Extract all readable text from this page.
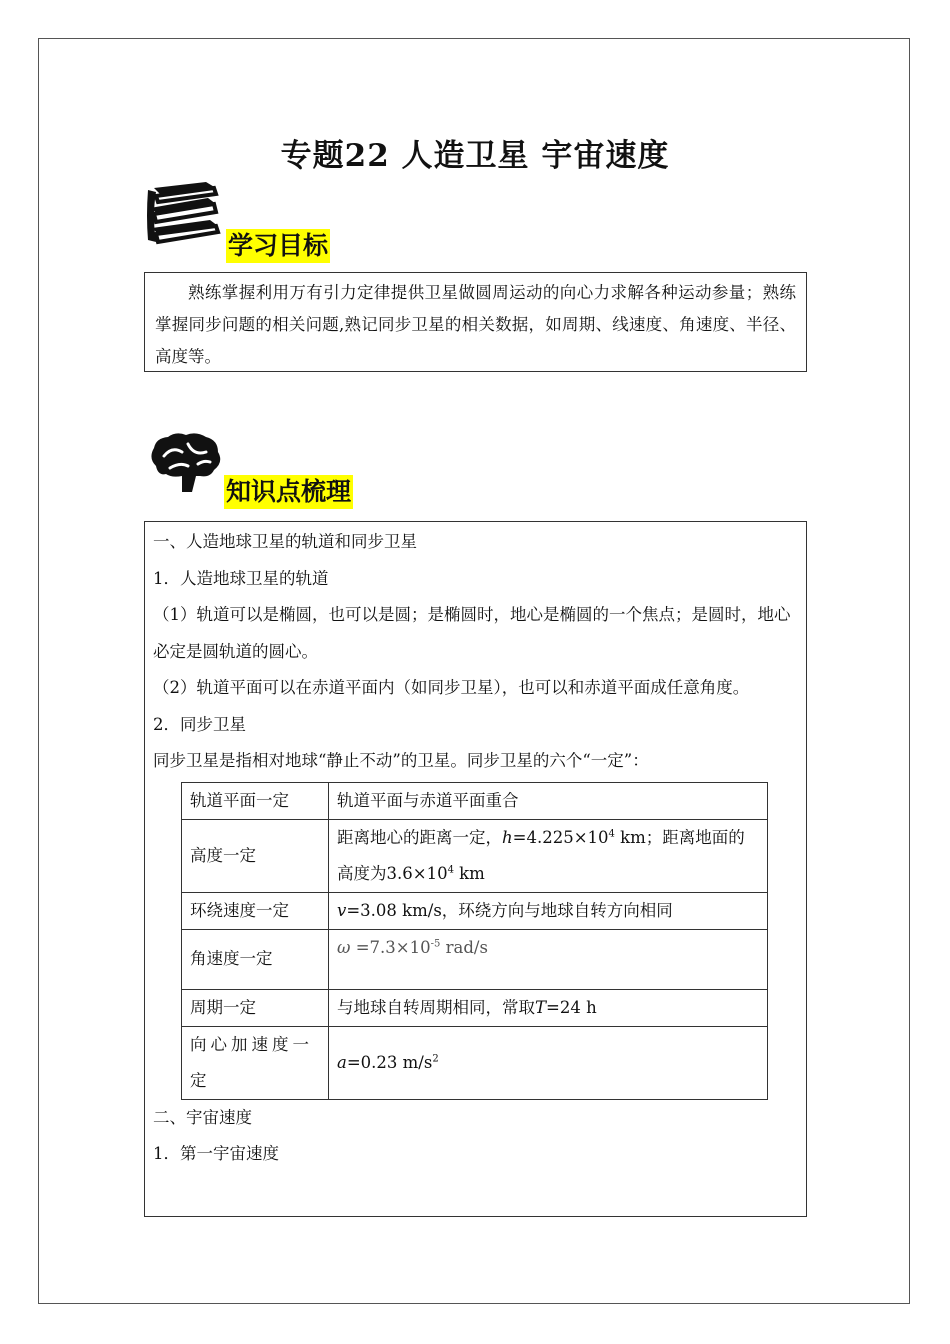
专题22 人造卫星 宇宙速度
学习目标
熟练掌握利用万有引力定律提供卫星做圆周运动的向心力求解各种运动参量；熟练掌握同步问题的相关问题,熟记同步卫星的相关数据，如周期、线速度、角速度、半径、高度等。
知识点梳理

一、人造地球卫星的轨道和同步卫星

1．人造地球卫星的轨道

（1）轨道可以是椭圆，也可以是圆；是椭圆时，地心是椭圆的一个焦点；是圆时，地心必定是圆轨道的圆心。

（2）轨道平面可以在赤道平面内（如同步卫星），也可以和赤道平面成任意角度。

2．同步卫星

同步卫星是指相对地球“静止不动”的卫星。同步卫星的六个“一定”：

轨道平面一定	轨道平面与赤道平面重合
高度一定	距离地心的距离一定，$h=4.225\times 10^4$ km；距离地面的高度为$3.6\times 10^4$ km
环绕速度一定	v=3.08 km/s，环绕方向与地球自转方向相同
角速度一定	$\omega =7.3\times 10^{-5}$ rad/s
周期一定	与地球自转周期相同，常取T=24 h
向心加速度一定	a=0.23 $m/s^2$

二、宇宙速度

1．第一宇宙速度
